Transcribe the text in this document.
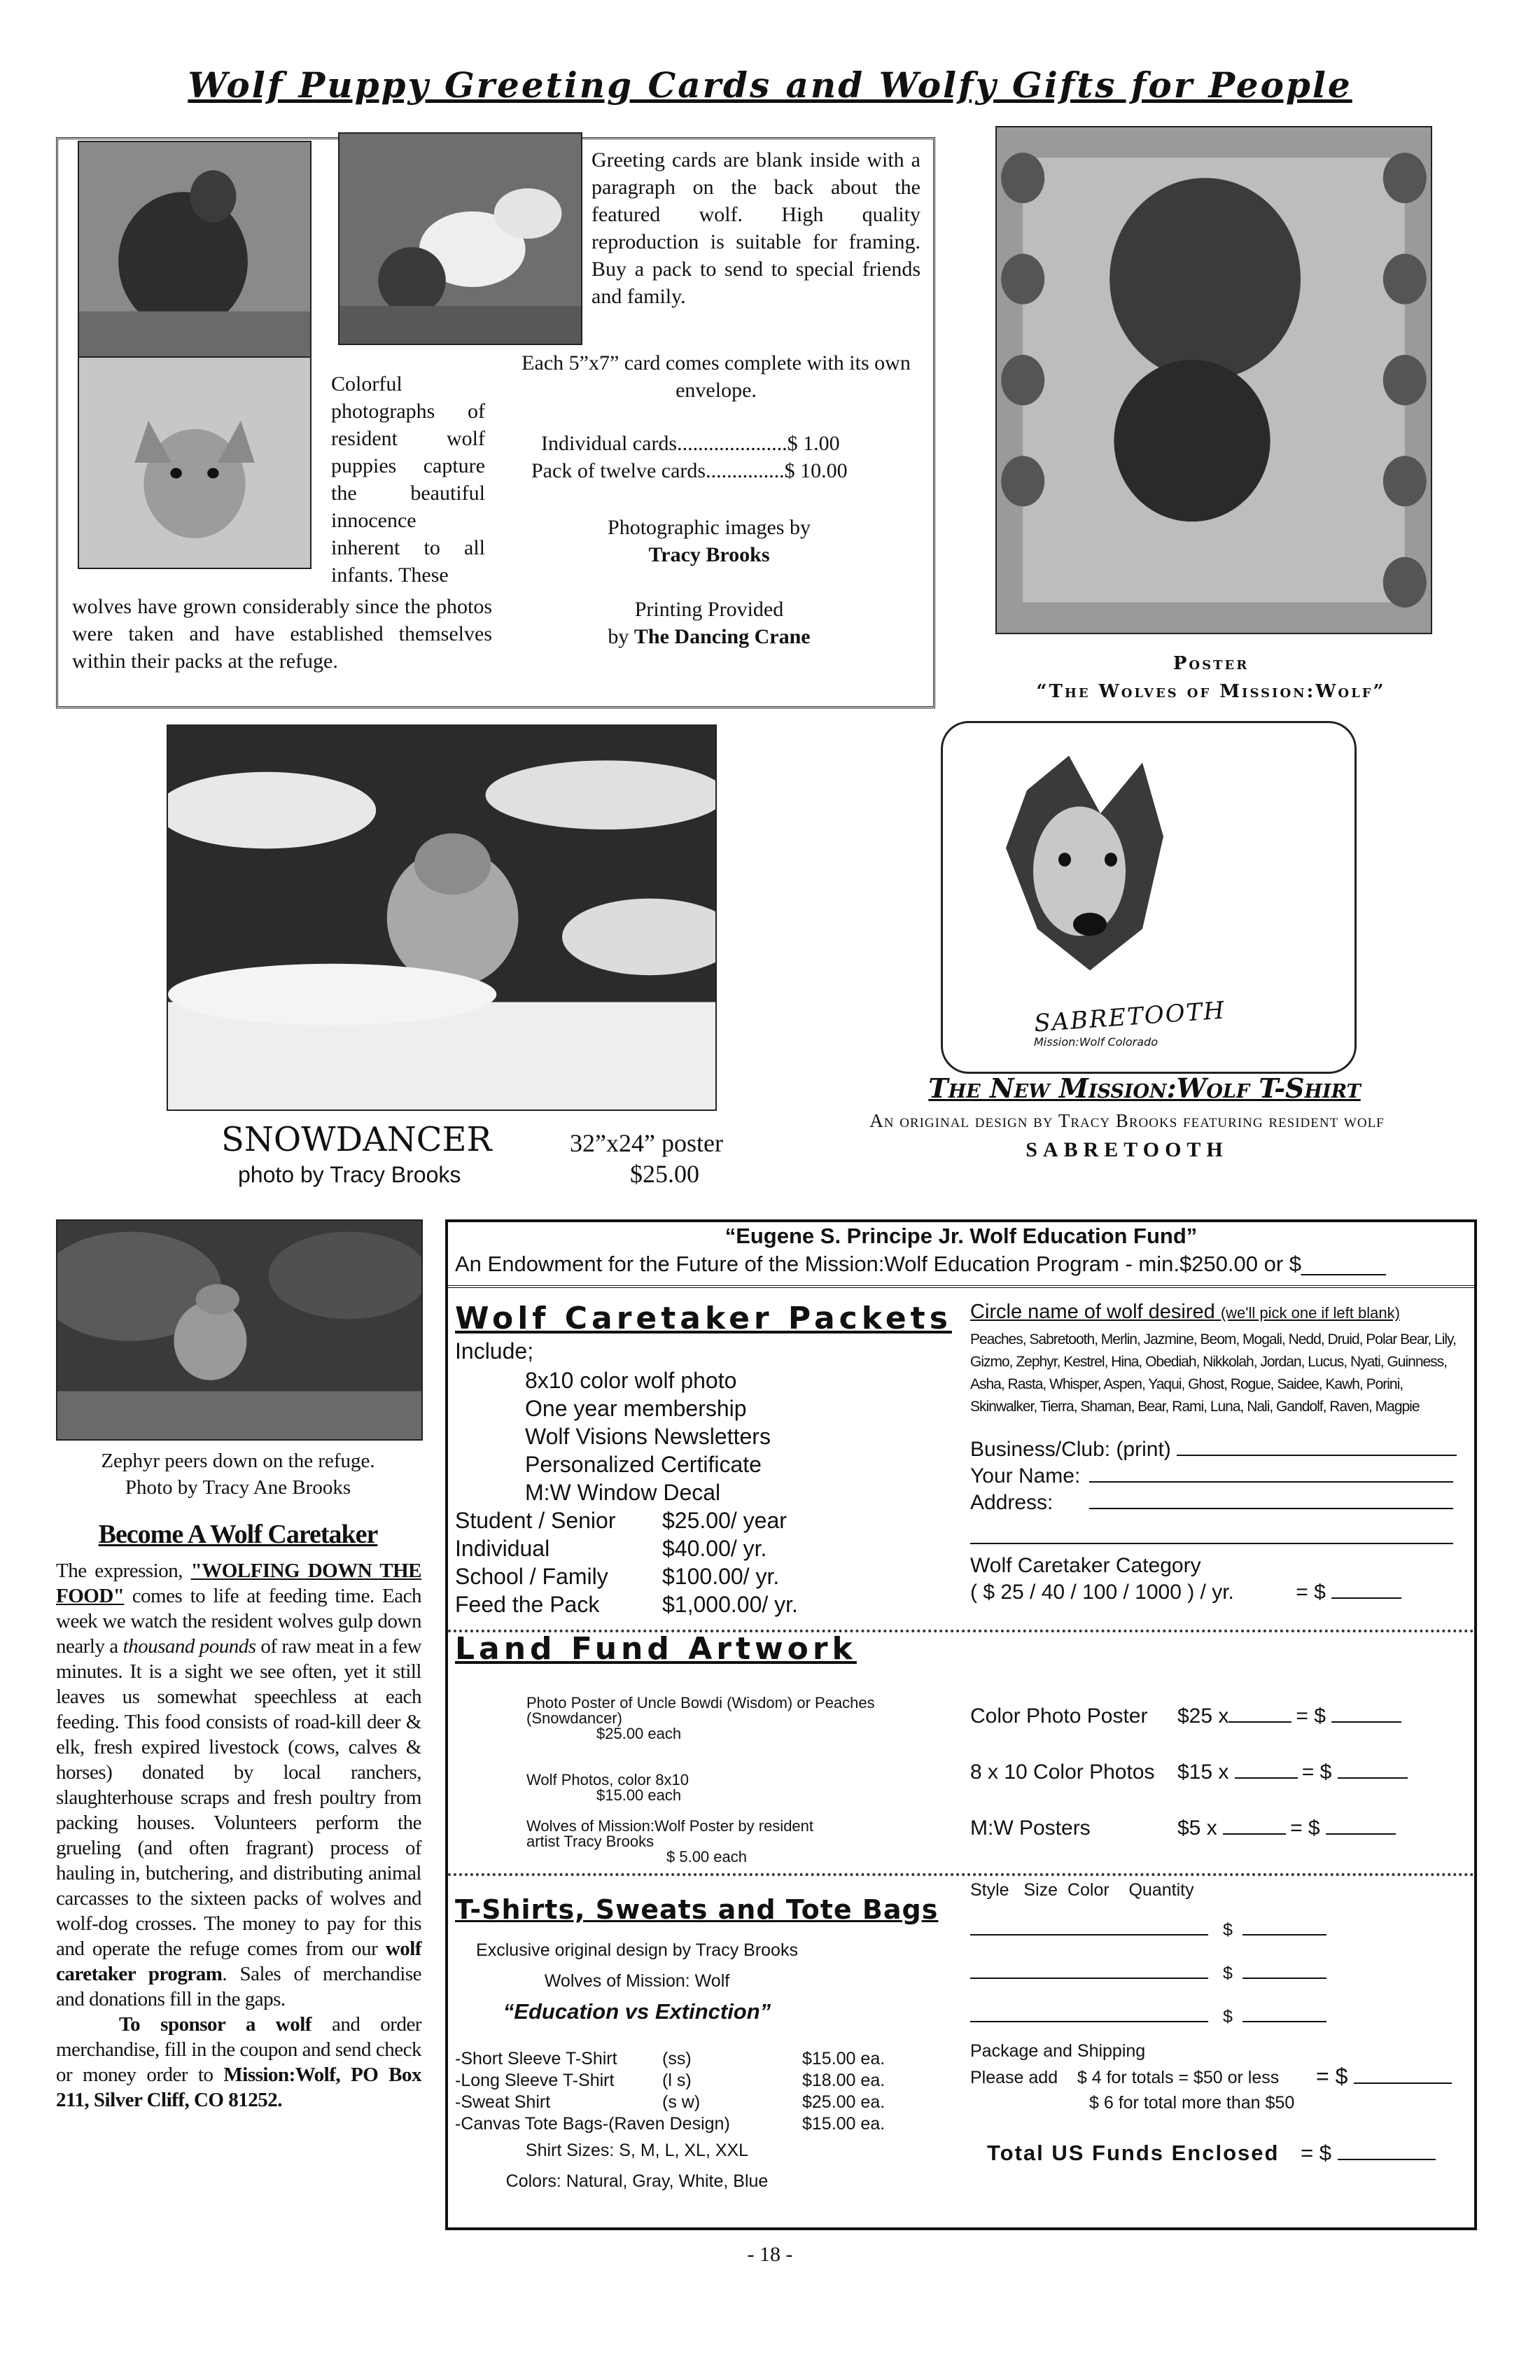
Wolf Puppy Greeting Cards and Wolfy Gifts for People
Greeting cards are blank inside with a paragraph on the back about the featured wolf. High quality reproduction is suitable for framing. Buy a pack to send to special friends and family.
Each 5”x7” card comes complete with its own envelope.
Colorful photographs of resident wolf puppies capture the beautiful innocence inherent to all infants. These
wolves have grown considerably since the photos were taken and have established themselves within their packs at the refuge.
Individual cards.....................$ 1.00
Pack of twelve cards...............$ 10.00
Photographic images by
Tracy Brooks
Printing Provided
by The Dancing Crane
Poster
“The Wolves of Mission:Wolf”
SNOWDANCER
photo by Tracy Brooks
32”x24” poster
$25.00
SABRETOOTH
Mission:Wolf Colorado
The New Mission:Wolf T-Shirt
An original design by Tracy Brooks featuring resident wolf
SABRETOOTH
Zephyr peers down on the refuge.
Photo by Tracy Ane Brooks
Become A Wolf Caretaker
The expression, "WOLFING DOWN THE FOOD" comes to life at feeding time. Each week we watch the resident wolves gulp down nearly a thousand pounds of raw meat in a few minutes. It is a sight we see often, yet it still leaves us somewhat speechless at each feeding. This food consists of road-kill deer & elk, fresh expired livestock (cows, calves & horses) donated by local ranchers, slaughterhouse scraps and fresh poultry from packing houses. Volunteers perform the grueling (and often fragrant) process of hauling in, butchering, and distributing animal carcasses to the sixteen packs of wolves and wolf-dog crosses. The money to pay for this and operate the refuge comes from our wolf caretaker program. Sales of merchandise and donations fill in the gaps.
To sponsor a wolf and order merchandise, fill in the coupon and send check or money order to Mission:Wolf, PO Box 211, Silver Cliff, CO 81252.
“Eugene S. Principe Jr. Wolf Education Fund”
An Endowment for the Future of the Mission:Wolf Education Program - min.$250.00 or $_______
Wolf Caretaker Packets
Include;
8x10 color wolf photo
One year membership
Wolf Visions Newsletters
Personalized Certificate
M:W Window Decal
Student / Senior $25.00/ year
Individual	$40.00/ yr.
School / Family $100.00/ yr.
Feed the Pack	$1,000.00/ yr.
Circle name of wolf desired (we'll pick one if left blank)
Peaches, Sabretooth, Merlin, Jazmine, Beom, Mogali, Nedd, Druid, Polar Bear, Lily, Gizmo, Zephyr, Kestrel, Hina, Obediah, Nikkolah, Jordan, Lucus, Nyati, Guinness, Asha, Rasta, Whisper, Aspen, Yaqui, Ghost, Rogue, Saidee, Kawh, Porini, Skinwalker, Tierra, Shaman, Bear, Rami, Luna, Nali, Gandolf, Raven, Magpie
Business/Club: (print)
Your Name:
Address:
Wolf Caretaker Category
( $ 25 / 40 / 100 / 1000 ) / yr.	= $
Land Fund Artwork
Photo Poster of Uncle Bowdi (Wisdom) or Peaches (Snowdancer)
$25.00 each
Wolf Photos, color 8x10
$15.00 each
Wolves of Mission:Wolf Poster by resident artist Tracy Brooks
$ 5.00 each
Color Photo Poster $25 x	= $
8 x 10 Color Photos $15 x	= $
M:W Posters	$5 x	= $
T-Shirts, Sweats and Tote Bags
Exclusive original design by Tracy Brooks
Wolves of Mission: Wolf
“Education vs Extinction”
-Short Sleeve T-Shirt	(ss)	$15.00 ea.
-Long Sleeve T-Shirt	(l s)	$18.00 ea.
-Sweat Shirt	(s w)	$25.00 ea.
-Canvas Tote Bags-(Raven Design)	$15.00 ea.
Shirt Sizes: S, M, L, XL, XXL
Colors: Natural, Gray, White, Blue
Style   Size  Color    Quantity
$
$
$
Package and Shipping
Please add    $ 4 for totals = $50 or less
$ 6 for total more than $50
= $
Total US Funds Enclosed = $
- 18 -
